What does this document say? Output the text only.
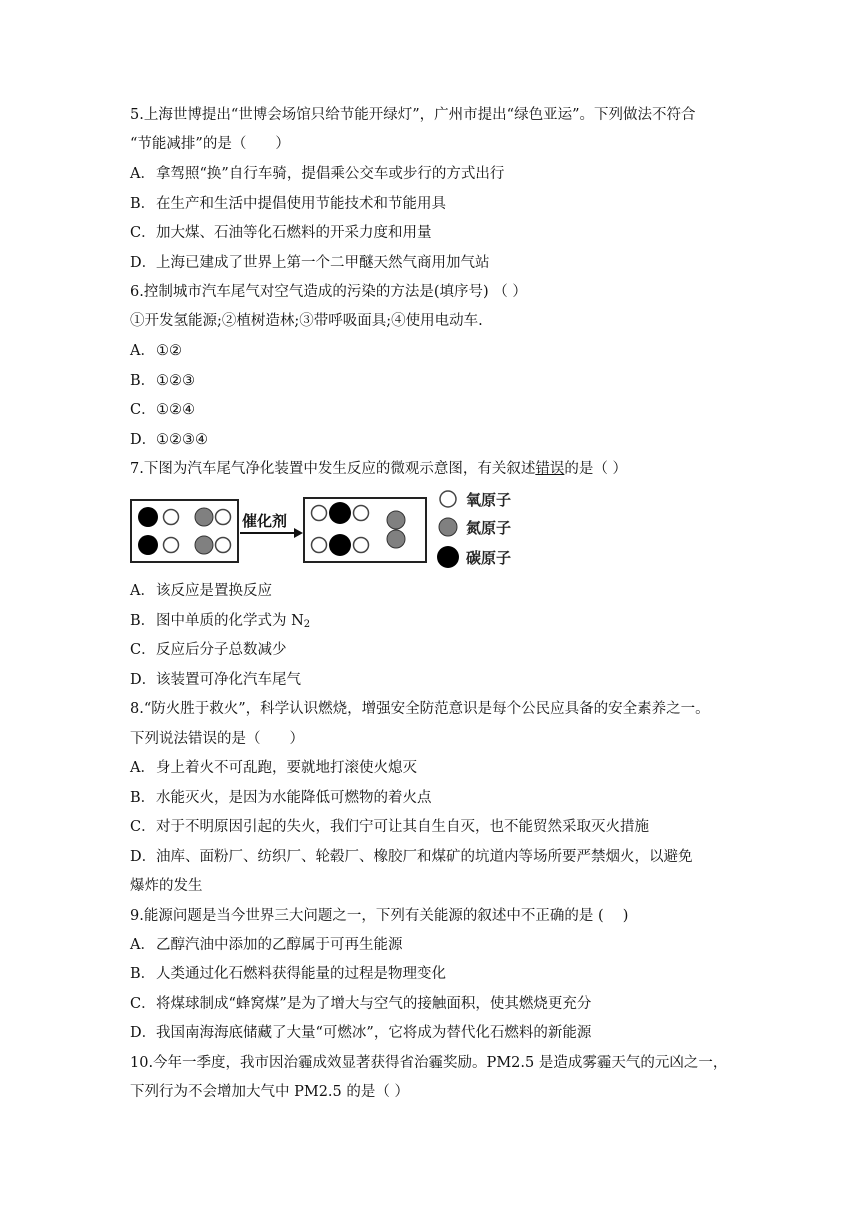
5.上海世博提出“世博会场馆只给节能开绿灯”，广州市提出“绿色亚运”。下列做法不符合
“节能减排”的是（　　）
A．拿驾照“换”自行车骑，提倡乘公交车或步行的方式出行
B．在生产和生活中提倡使用节能技术和节能用具
C．加大煤、石油等化石燃料的开采力度和用量
D．上海已建成了世界上第一个二甲醚天然气商用加气站
6.控制城市汽车尾气对空气造成的污染的方法是(填序号) （ ）
①开发氢能源;②植树造林;③带呼吸面具;④使用电动车.
A．①②
B．①②③
C．①②④
D．①②③④
7.下图为汽车尾气净化装置中发生反应的微观示意图，有关叙述错误的是（ ）
催化剂
氧原子
氮原子
碳原子
A．该反应是置换反应
B．图中单质的化学式为 $N_2$
C．反应后分子总数减少
D．该装置可净化汽车尾气
8.“防火胜于救火”，科学认识燃烧，增强安全防范意识是每个公民应具备的安全素养之一。
下列说法错误的是（　　）
A．身上着火不可乱跑，要就地打滚使火熄灭
B．水能灭火，是因为水能降低可燃物的着火点
C．对于不明原因引起的失火，我们宁可让其自生自灭，也不能贸然采取灭火措施
D．油库、面粉厂、纺织厂、轮毂厂、橡胶厂和煤矿的坑道内等场所要严禁烟火，以避免
爆炸的发生
9.能源问题是当今世界三大问题之一，下列有关能源的叙述中不正确的是 (　 )
A．乙醇汽油中添加的乙醇属于可再生能源
B．人类通过化石燃料获得能量的过程是物理变化
C．将煤球制成“蜂窝煤”是为了增大与空气的接触面积，使其燃烧更充分
D．我国南海海底储藏了大量“可燃冰”，它将成为替代化石燃料的新能源
10.今年一季度，我市因治霾成效显著获得省治霾奖励。PM2.5 是造成雾霾天气的元凶之一，
下列行为不会增加大气中 PM2.5 的是（ ）
